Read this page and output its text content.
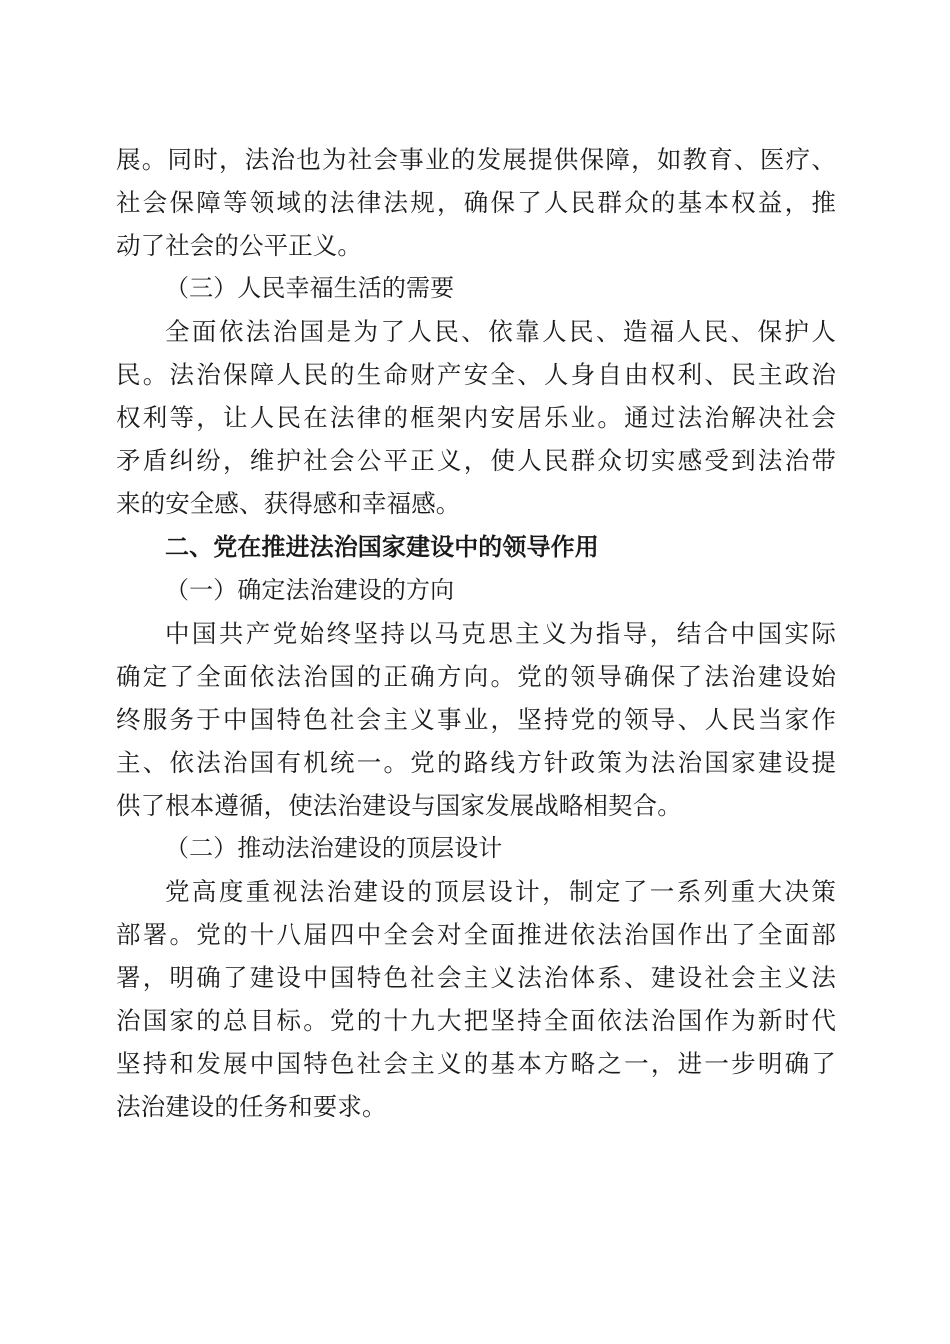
展。同时，法治也为社会事业的发展提供保障，如教育、医疗、
社会保障等领域的法律法规，确保了人民群众的基本权益，推
动了社会的公平正义。
（三）人民幸福生活的需要
全面依法治国是为了人民、依靠人民、造福人民、保护人
民。法治保障人民的生命财产安全、人身自由权利、民主政治
权利等，让人民在法律的框架内安居乐业。通过法治解决社会
矛盾纠纷，维护社会公平正义，使人民群众切实感受到法治带
来的安全感、获得感和幸福感。
二、党在推进法治国家建设中的领导作用
（一）确定法治建设的方向
中国共产党始终坚持以马克思主义为指导，结合中国实际
确定了全面依法治国的正确方向。党的领导确保了法治建设始
终服务于中国特色社会主义事业，坚持党的领导、人民当家作
主、依法治国有机统一。党的路线方针政策为法治国家建设提
供了根本遵循，使法治建设与国家发展战略相契合。
（二）推动法治建设的顶层设计
党高度重视法治建设的顶层设计，制定了一系列重大决策
部署。党的十八届四中全会对全面推进依法治国作出了全面部
署，明确了建设中国特色社会主义法治体系、建设社会主义法
治国家的总目标。党的十九大把坚持全面依法治国作为新时代
坚持和发展中国特色社会主义的基本方略之一，进一步明确了
法治建设的任务和要求。
